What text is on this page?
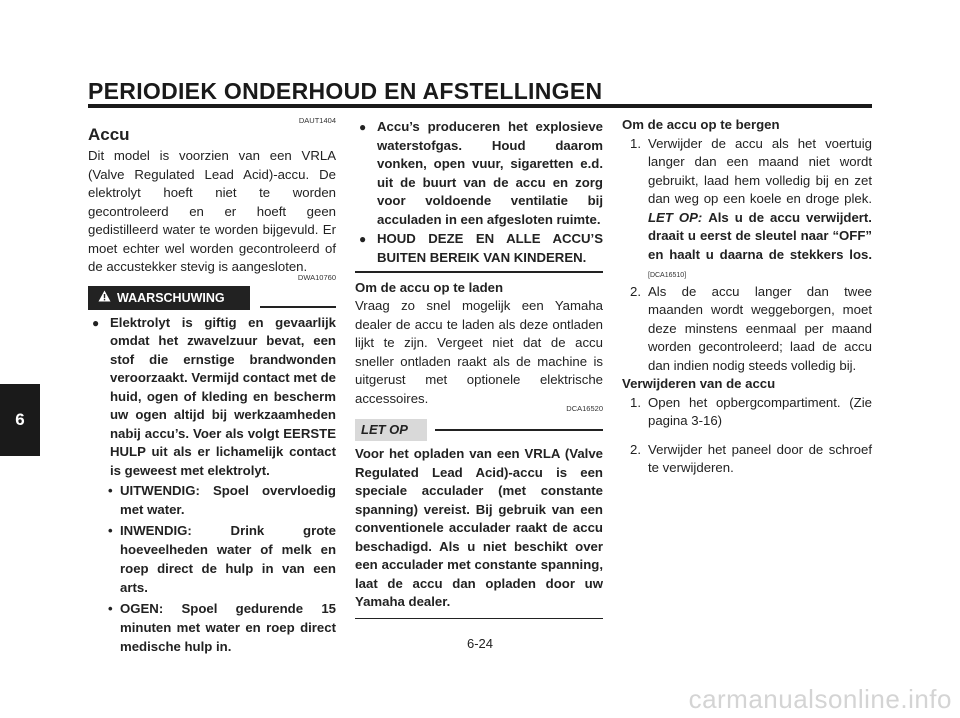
PERIODIEK ONDERHOUD EN AFSTELLINGEN
6
DAUT1404
Accu

Dit model is voorzien van een VRLA (Valve Regulated Lead Acid)-accu. De elektrolyt hoeft niet te worden gecontroleerd en er hoeft geen gedistilleerd water te worden bijgevuld. Er moet echter wel worden gecontroleerd of de accustekker stevig is aangesloten.

DWA10760
WAARSCHUWING
● Elektrolyt is giftig en gevaarlijk omdat het zwavelzuur bevat, een stof die ernstige brandwonden veroorzaakt. Vermijd contact met de huid, ogen of kleding en bescherm uw ogen altijd bij werkzaamheden nabij accu’s. Voer als volgt EERSTE HULP uit als er lichamelijk contact is geweest met elektrolyt.
• UITWENDIG: Spoel overvloedig met water.
• INWENDIG: Drink grote hoeveelheden water of melk en roep direct de hulp in van een arts.
• OGEN: Spoel gedurende 15 minuten met water en roep direct medische hulp in.
● Accu’s produceren het explosieve waterstofgas. Houd daarom vonken, open vuur, sigaretten e.d. uit de buurt van de accu en zorg voor voldoende ventilatie bij acculaden in een afgesloten ruimte.
● HOUD DEZE EN ALLE ACCU’S BUITEN BEREIK VAN KINDEREN.
Om de accu op te laden

Vraag zo snel mogelijk een Yamaha dealer de accu te laden als deze ontladen lijkt te zijn. Vergeet niet dat de accu sneller ontladen raakt als de machine is uitgerust met optionele elektrische accessoires.

DCA16520
LET OP

Voor het opladen van een VRLA (Valve Regulated Lead Acid)-accu is een speciale acculader (met constante spanning) vereist. Bij gebruik van een conventionele acculader raakt de accu beschadigd. Als u niet beschikt over een acculader met constante spanning, laat de accu dan opladen door uw Yamaha dealer.

Om de accu op te bergen
1. Verwijder de accu als het voertuig langer dan een maand niet wordt gebruikt, laad hem volledig bij en zet dan weg op een koele en droge plek. LET OP: Als u de accu verwijdert. draait u eerst de sleutel naar “OFF” en haalt u daarna de stekkers los. [DCA16510]
2. Als de accu langer dan twee maanden wordt weggeborgen, moet deze minstens eenmaal per maand worden gecontroleerd; laad de accu dan indien nodig steeds volledig bij.
Verwijderen van de accu
1. Open het opbergcompartiment. (Zie pagina 3-16)
2. Verwijder het paneel door de schroef te verwijderen.
6-24
carmanualsonline.info
